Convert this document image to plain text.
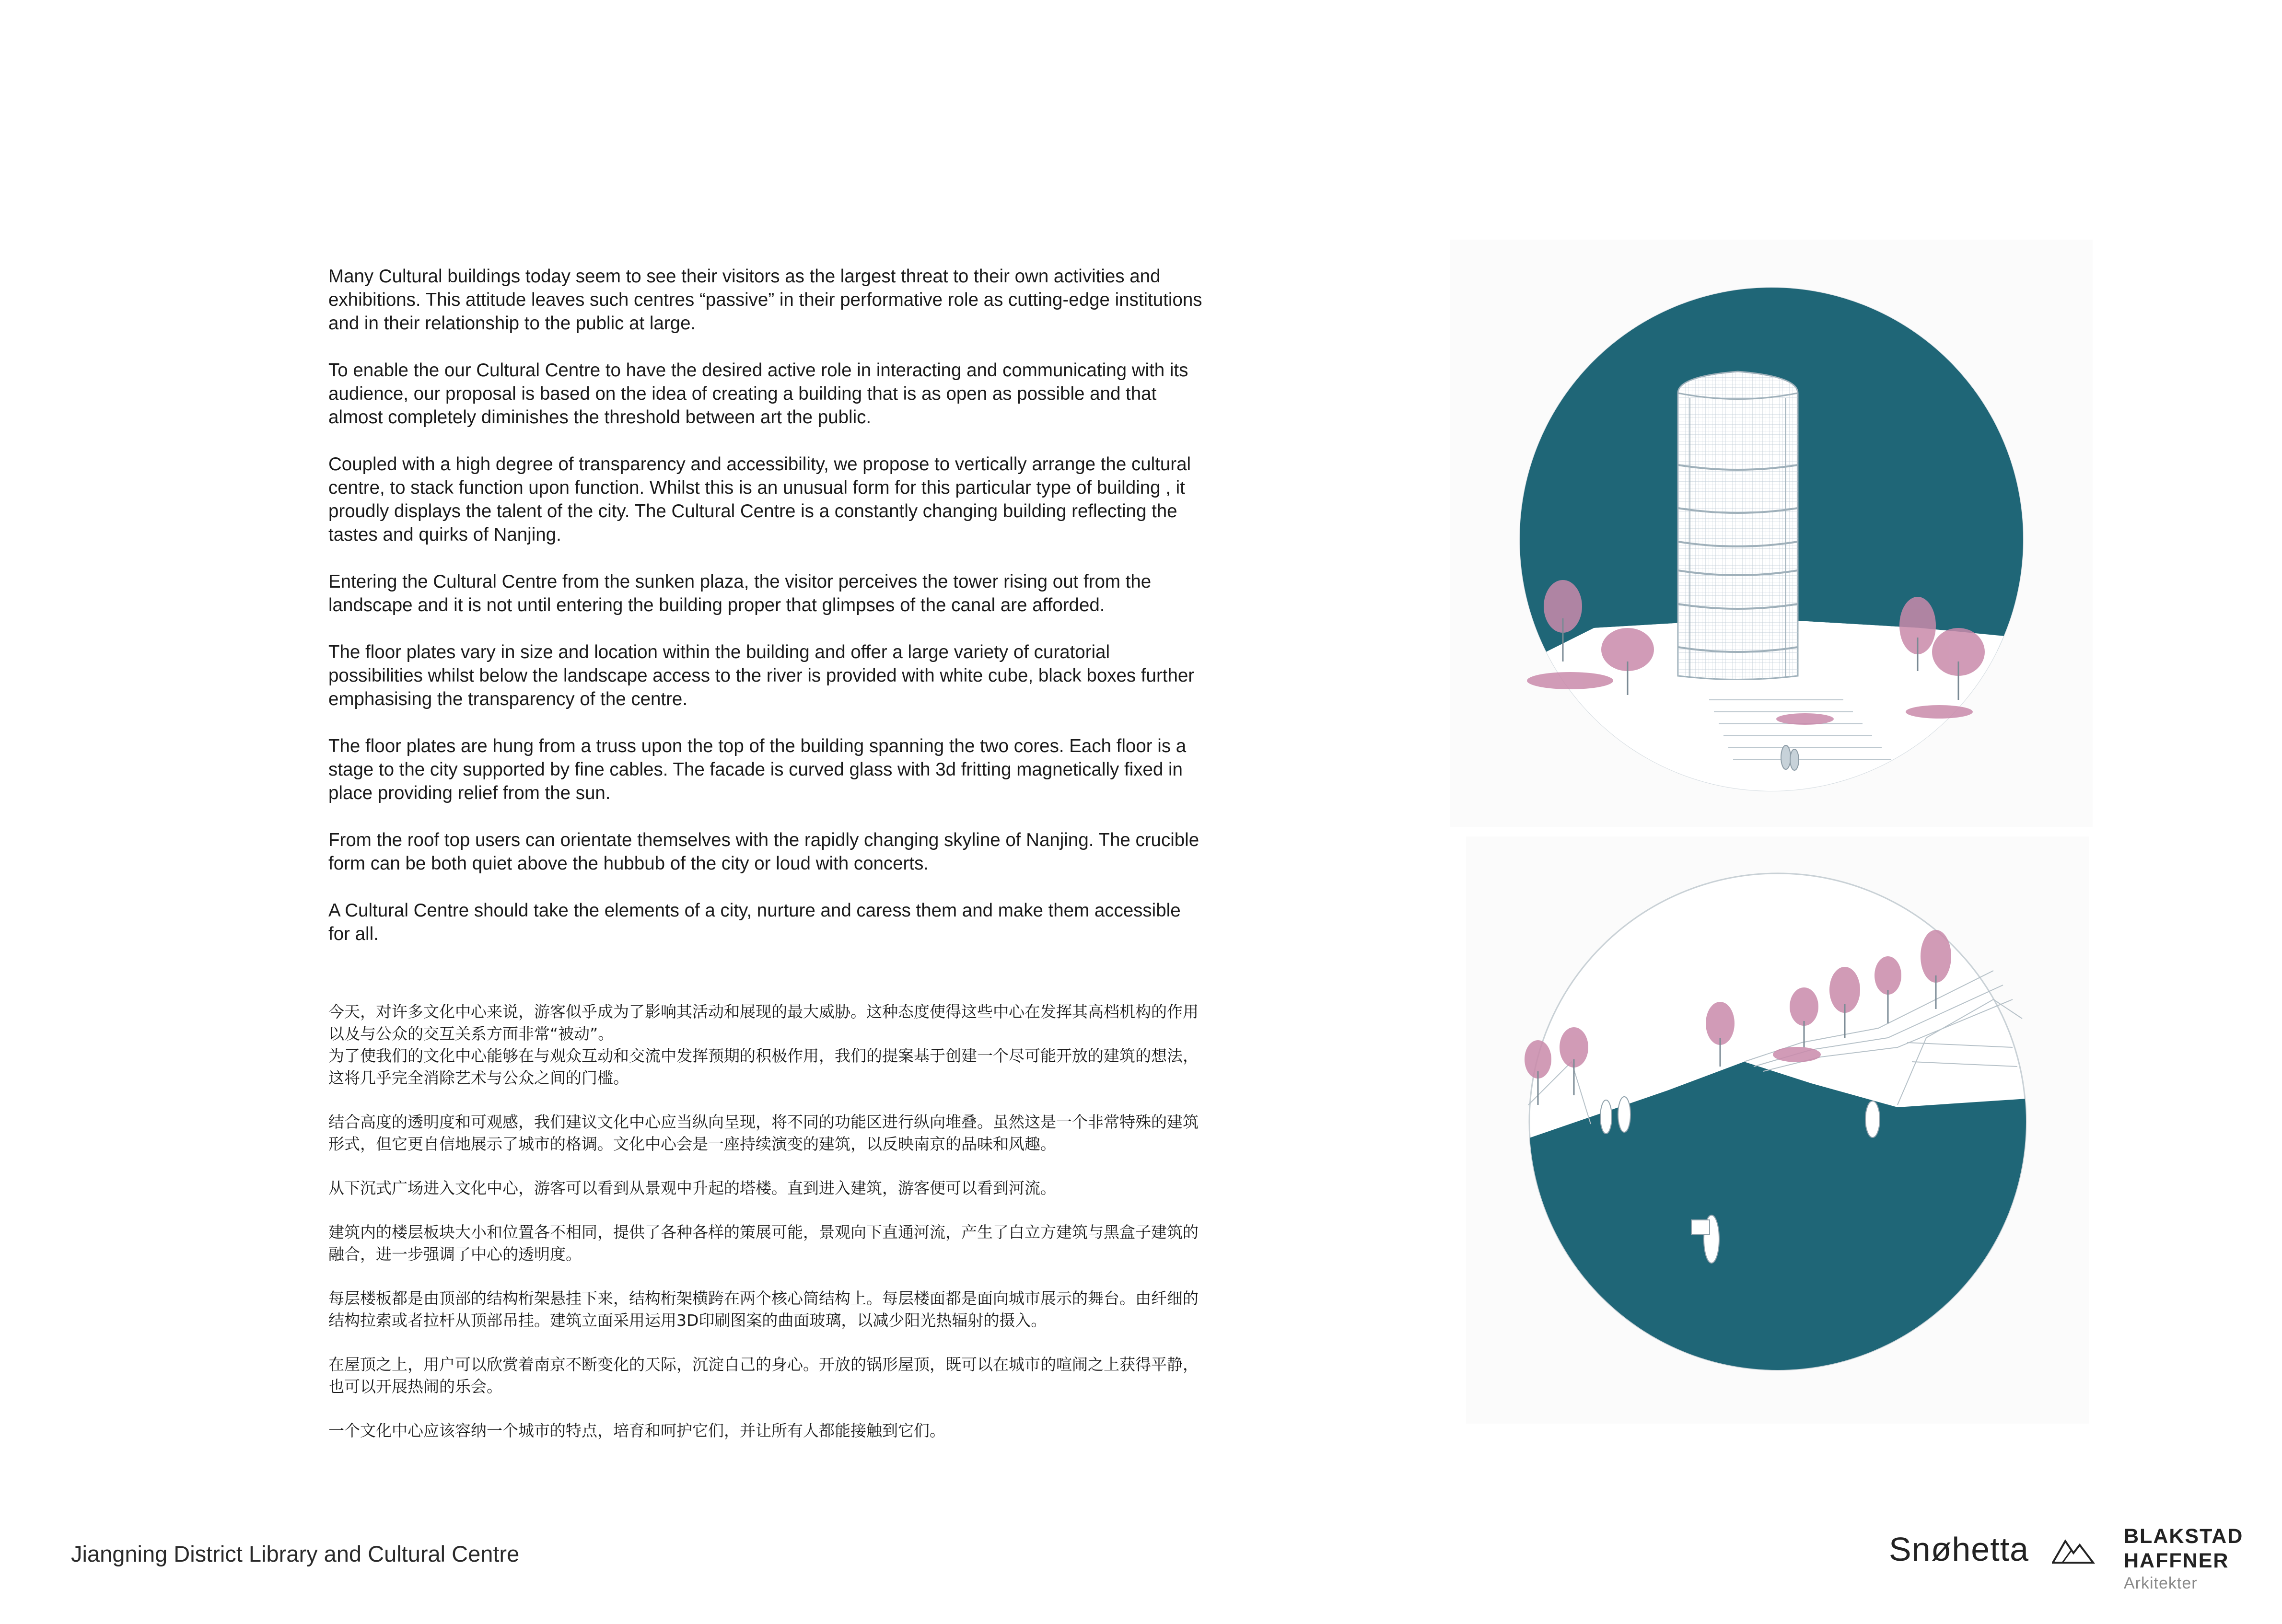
Many Cultural buildings today seem to see their visitors as the largest threat to their own activities and exhibitions. This attitude leaves such centres “passive” in their performative role as cutting-edge institutions and in their relationship to the public at large.

To enable the our Cultural Centre to have the desired active role in interacting and communicating with its audience, our proposal is based on the idea of creating a building that is as open as possible and that almost completely diminishes the threshold between art the public.

Coupled with a high degree of transparency and accessibility, we propose to vertically arrange the cultural centre, to stack function upon function. Whilst this is an unusual form for this particular type of building , it proudly displays the talent of the city. The Cultural Centre is a constantly changing building reflecting the tastes and quirks of Nanjing.

Entering the Cultural Centre from the sunken plaza, the visitor perceives the tower rising out from the landscape and it is not until entering the building proper that glimpses of the canal are afforded.

The floor plates vary in size and location within the building and offer a large variety of curatorial possibilities whilst below the landscape access to the river is provided with white cube, black boxes further emphasising the transparency of the centre.

The floor plates are hung from a truss upon the top of the building spanning the two cores. Each floor is a stage to the city supported by fine cables. The facade is curved glass with 3d fritting magnetically fixed in place providing relief from the sun.

From the roof top users can orientate themselves with the rapidly changing skyline of Nanjing. The crucible form can be both quiet above the hubbub of the city or loud with concerts.

A Cultural Centre should take the elements of a city, nurture and caress them and make them accessible for all.

今天，对许多文化中心来说，游客似乎成为了影响其活动和展现的最大威胁。这种态度使得这些中心在发挥其高档机构的作用以及与公众的交互关系方面非常“被动”。
为了使我们的文化中心能够在与观众互动和交流中发挥预期的积极作用，我们的提案基于创建一个尽可能开放的建筑的想法，这将几乎完全消除艺术与公众之间的门槛。

结合高度的透明度和可观感，我们建议文化中心应当纵向呈现，将不同的功能区进行纵向堆叠。虽然这是一个非常特殊的建筑形式，但它更自信地展示了城市的格调。文化中心会是一座持续演变的建筑，以反映南京的品味和风趣。

从下沉式广场进入文化中心，游客可以看到从景观中升起的塔楼。直到进入建筑，游客便可以看到河流。

建筑内的楼层板块大小和位置各不相同，提供了各种各样的策展可能，景观向下直通河流，产生了白立方建筑与黑盒子建筑的融合，进一步强调了中心的透明度。

每层楼板都是由顶部的结构桁架悬挂下来，结构桁架横跨在两个核心筒结构上。每层楼面都是面向城市展示的舞台。由纤细的结构拉索或者拉杆从顶部吊挂。建筑立面采用运用3D印刷图案的曲面玻璃，以减少阳光热辐射的摄入。

在屋顶之上，用户可以欣赏着南京不断变化的天际，沉淀自己的身心。开放的锅形屋顶，既可以在城市的喧闹之上获得平静，也可以开展热闹的乐会。

一个文化中心应该容纳一个城市的特点，培育和呵护它们，并让所有人都能接触到它们。

Jiangning District Library and Cultural Centre	Snøhetta	BLAKSTAD
HAFFNER
Arkitekter
